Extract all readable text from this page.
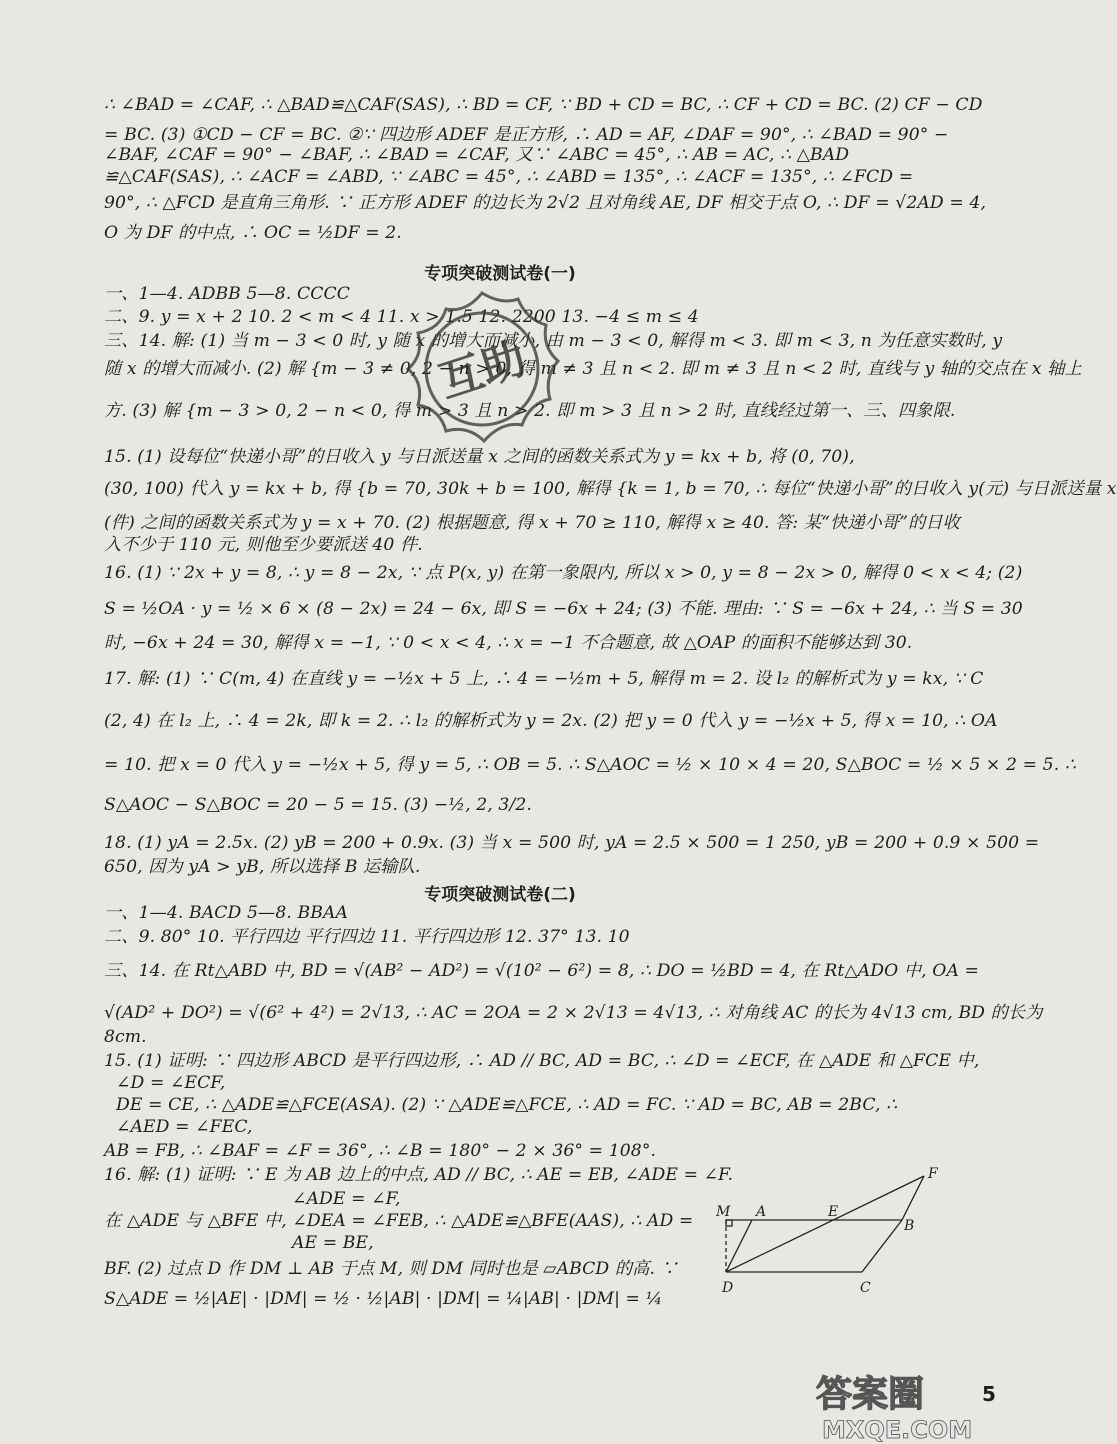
∴ ∠BAD = ∠CAF, ∴ △BAD≌△CAF(SAS), ∴ BD = CF, ∵ BD + CD = BC, ∴ CF + CD = BC. (2) CF − CD
= BC. (3) ①CD − CF = BC. ②∵ 四边形 ADEF 是正方形, ∴ AD = AF, ∠DAF = 90°, ∴ ∠BAD = 90° −
∠BAF, ∠CAF = 90° − ∠BAF, ∴ ∠BAD = ∠CAF, 又∵ ∠ABC = 45°, ∴ AB = AC, ∴ △BAD
≌△CAF(SAS), ∴ ∠ACF = ∠ABD, ∵ ∠ABC = 45°, ∴ ∠ABD = 135°, ∴ ∠ACF = 135°, ∴ ∠FCD =
90°, ∴ △FCD 是直角三角形. ∵ 正方形 ADEF 的边长为 2√2 且对角线 AE, DF 相交于点 O, ∴ DF = √2AD = 4,
O 为 DF 的中点, ∴ OC = ½DF = 2.
专项突破测试卷(一)
一、1—4. ADBB 5—8. CCCC
二、9. y = x + 2 10. 2 < m < 4 11. x > 1.5 12. 2200 13. −4 ≤ m ≤ 4
三、14. 解: (1) 当 m − 3 < 0 时, y 随 x 的增大而减小, 由 m − 3 < 0, 解得 m < 3. 即 m < 3, n 为任意实数时, y
随 x 的增大而减小. (2) 解 {m − 3 ≠ 0, 2 − n > 0, 得 m ≠ 3 且 n < 2. 即 m ≠ 3 且 n < 2 时, 直线与 y 轴的交点在 x 轴上
方. (3) 解 {m − 3 > 0, 2 − n < 0, 得 m > 3 且 n > 2. 即 m > 3 且 n > 2 时, 直线经过第一、三、四象限.
15. (1) 设每位“快递小哥”的日收入 y 与日派送量 x 之间的函数关系式为 y = kx + b, 将 (0, 70),
(30, 100) 代入 y = kx + b, 得 {b = 70, 30k + b = 100, 解得 {k = 1, b = 70, ∴ 每位“快递小哥”的日收入 y(元) 与日派送量 x
(件) 之间的函数关系式为 y = x + 70. (2) 根据题意, 得 x + 70 ≥ 110, 解得 x ≥ 40. 答: 某“快递小哥”的日收
入不少于 110 元, 则他至少要派送 40 件.
16. (1) ∵ 2x + y = 8, ∴ y = 8 − 2x, ∵ 点 P(x, y) 在第一象限内, 所以 x > 0, y = 8 − 2x > 0, 解得 0 < x < 4; (2)
S = ½OA · y = ½ × 6 × (8 − 2x) = 24 − 6x, 即 S = −6x + 24; (3) 不能. 理由: ∵ S = −6x + 24, ∴ 当 S = 30
时, −6x + 24 = 30, 解得 x = −1, ∵ 0 < x < 4, ∴ x = −1 不合题意, 故 △OAP 的面积不能够达到 30.
17. 解: (1) ∵ C(m, 4) 在直线 y = −½x + 5 上, ∴ 4 = −½m + 5, 解得 m = 2. 设 l₂ 的解析式为 y = kx, ∵ C
(2, 4) 在 l₂ 上, ∴ 4 = 2k, 即 k = 2. ∴ l₂ 的解析式为 y = 2x. (2) 把 y = 0 代入 y = −½x + 5, 得 x = 10, ∴ OA
= 10. 把 x = 0 代入 y = −½x + 5, 得 y = 5, ∴ OB = 5. ∴ S△AOC = ½ × 10 × 4 = 20, S△BOC = ½ × 5 × 2 = 5. ∴
S△AOC − S△BOC = 20 − 5 = 15. (3) −½, 2, 3/2.
18. (1) yA = 2.5x. (2) yB = 200 + 0.9x. (3) 当 x = 500 时, yA = 2.5 × 500 = 1 250, yB = 200 + 0.9 × 500 =
650, 因为 yA > yB, 所以选择 B 运输队.
专项突破测试卷(二)
一、1—4. BACD 5—8. BBAA
二、9. 80° 10. 平行四边 平行四边 11. 平行四边形 12. 37° 13. 10
三、14. 在 Rt△ABD 中, BD = √(AB² − AD²) = √(10² − 6²) = 8, ∴ DO = ½BD = 4, 在 Rt△ADO 中, OA =
√(AD² + DO²) = √(6² + 4²) = 2√13, ∴ AC = 2OA = 2 × 2√13 = 4√13, ∴ 对角线 AC 的长为 4√13 cm, BD 的长为
8cm.
15. (1) 证明: ∵ 四边形 ABCD 是平行四边形, ∴ AD // BC, AD = BC, ∴ ∠D = ∠ECF, 在 △ADE 和 △FCE 中,
∠D = ∠ECF,
DE = CE, ∴ △ADE≌△FCE(ASA). (2) ∵ △ADE≌△FCE, ∴ AD = FC. ∵ AD = BC, AB = 2BC, ∴
∠AED = ∠FEC,
AB = FB, ∴ ∠BAF = ∠F = 36°, ∴ ∠B = 180° − 2 × 36° = 108°.
16. 解: (1) 证明: ∵ E 为 AB 边上的中点, AD // BC, ∴ AE = EB, ∠ADE = ∠F.
∠ADE = ∠F,
在 △ADE 与 △BFE 中, ∠DEA = ∠FEB, ∴ △ADE≌△BFE(AAS), ∴ AD =
AE = BE,
BF. (2) 过点 D 作 DM ⊥ AB 于点 M, 则 DM 同时也是 ▱ABCD 的高. ∵
S△ADE = ½|AE| · |DM| = ½ · ½|AB| · |DM| = ¼|AB| · |DM| = ¼
F
M A	E
B
D	C
互助
答案圈
MXQE.COM
5
